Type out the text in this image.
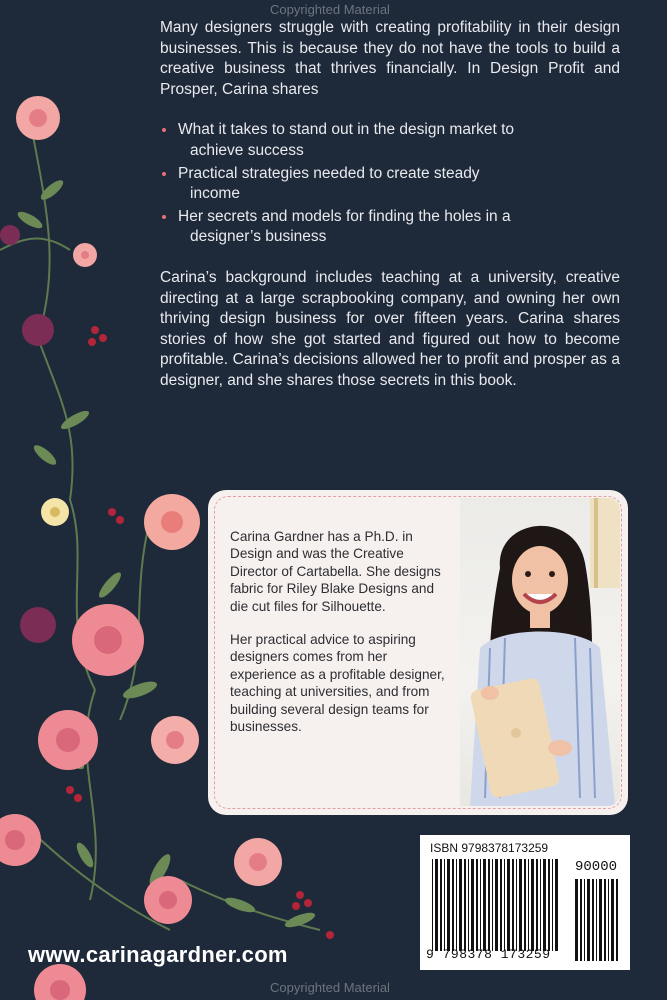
Copyrighted Material

Many designers struggle with creating profitability in their design businesses. This is because they do not have the tools to build a creative business that thrives financially. In Design Profit and Prosper, Carina shares

What it takes to stand out in the design market to
achieve success
Practical strategies needed to create steady
income
Her secrets and models for finding the holes in a
designer’s business

Carina’s background includes teaching at a university, creative directing at a large scrapbooking company, and owning her own thriving design business for over fifteen years. Carina shares stories of how she got started and figured out how to become profitable. Carina’s decisions allowed her to profit and prosper as a designer, and she shares those secrets in this book.

Carina Gardner has a Ph.D. in Design and was the Creative Director of Cartabella. She designs fabric for Riley Blake Designs and die cut files for Silhouette.

Her practical advice to aspiring designers comes from her experience as a profitable designer, teaching at universities, and from building several design teams for businesses.

ISBN 9798378173259
90000
9 798378 173259
www.carinagardner.com
Copyrighted Material
